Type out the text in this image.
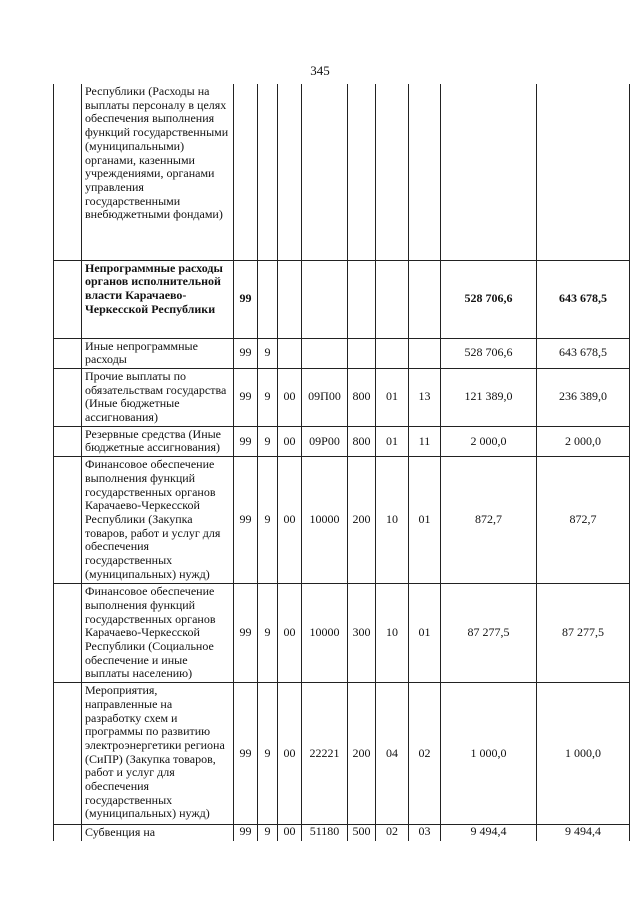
345
	Республики (Расходы на выплаты персоналу в целях обеспечения выполнения функций государственными (муниципальными) органами, казенными учреждениями, органами управления государственными внебюджетными фондами)									
	Непрограммные расходы органов исполнительной власти Карачаево-Черкесской Республики	99							528 706,6	643 678,5
	Иные непрограммные расходы	99	9						528 706,6	643 678,5
	Прочие выплаты по обязательствам государства (Иные бюджетные ассигнования)	99	9	00	09П00	800	01	13	121 389,0	236 389,0
	Резервные средства (Иные бюджетные ассигнования)	99	9	00	09Р00	800	01	11	2 000,0	2 000,0
	Финансовое обеспечение выполнения функций государственных органов Карачаево-Черкесской Республики (Закупка товаров, работ и услуг для обеспечения государственных (муниципальных) нужд)	99	9	00	10000	200	10	01	872,7	872,7
	Финансовое обеспечение выполнения функций государственных органов Карачаево-Черкесской Республики (Социальное обеспечение и иные выплаты населению)	99	9	00	10000	300	10	01	87 277,5	87 277,5
	Мероприятия, направленные на разработку схем и программы по развитию электроэнергетики региона (СиПР) (Закупка товаров, работ и услуг для обеспечения государственных (муниципальных) нужд)	99	9	00	22221	200	04	02	1 000,0	1 000,0
	Субвенция на	99	9	00	51180	500	02	03	9 494,4	9 494,4
